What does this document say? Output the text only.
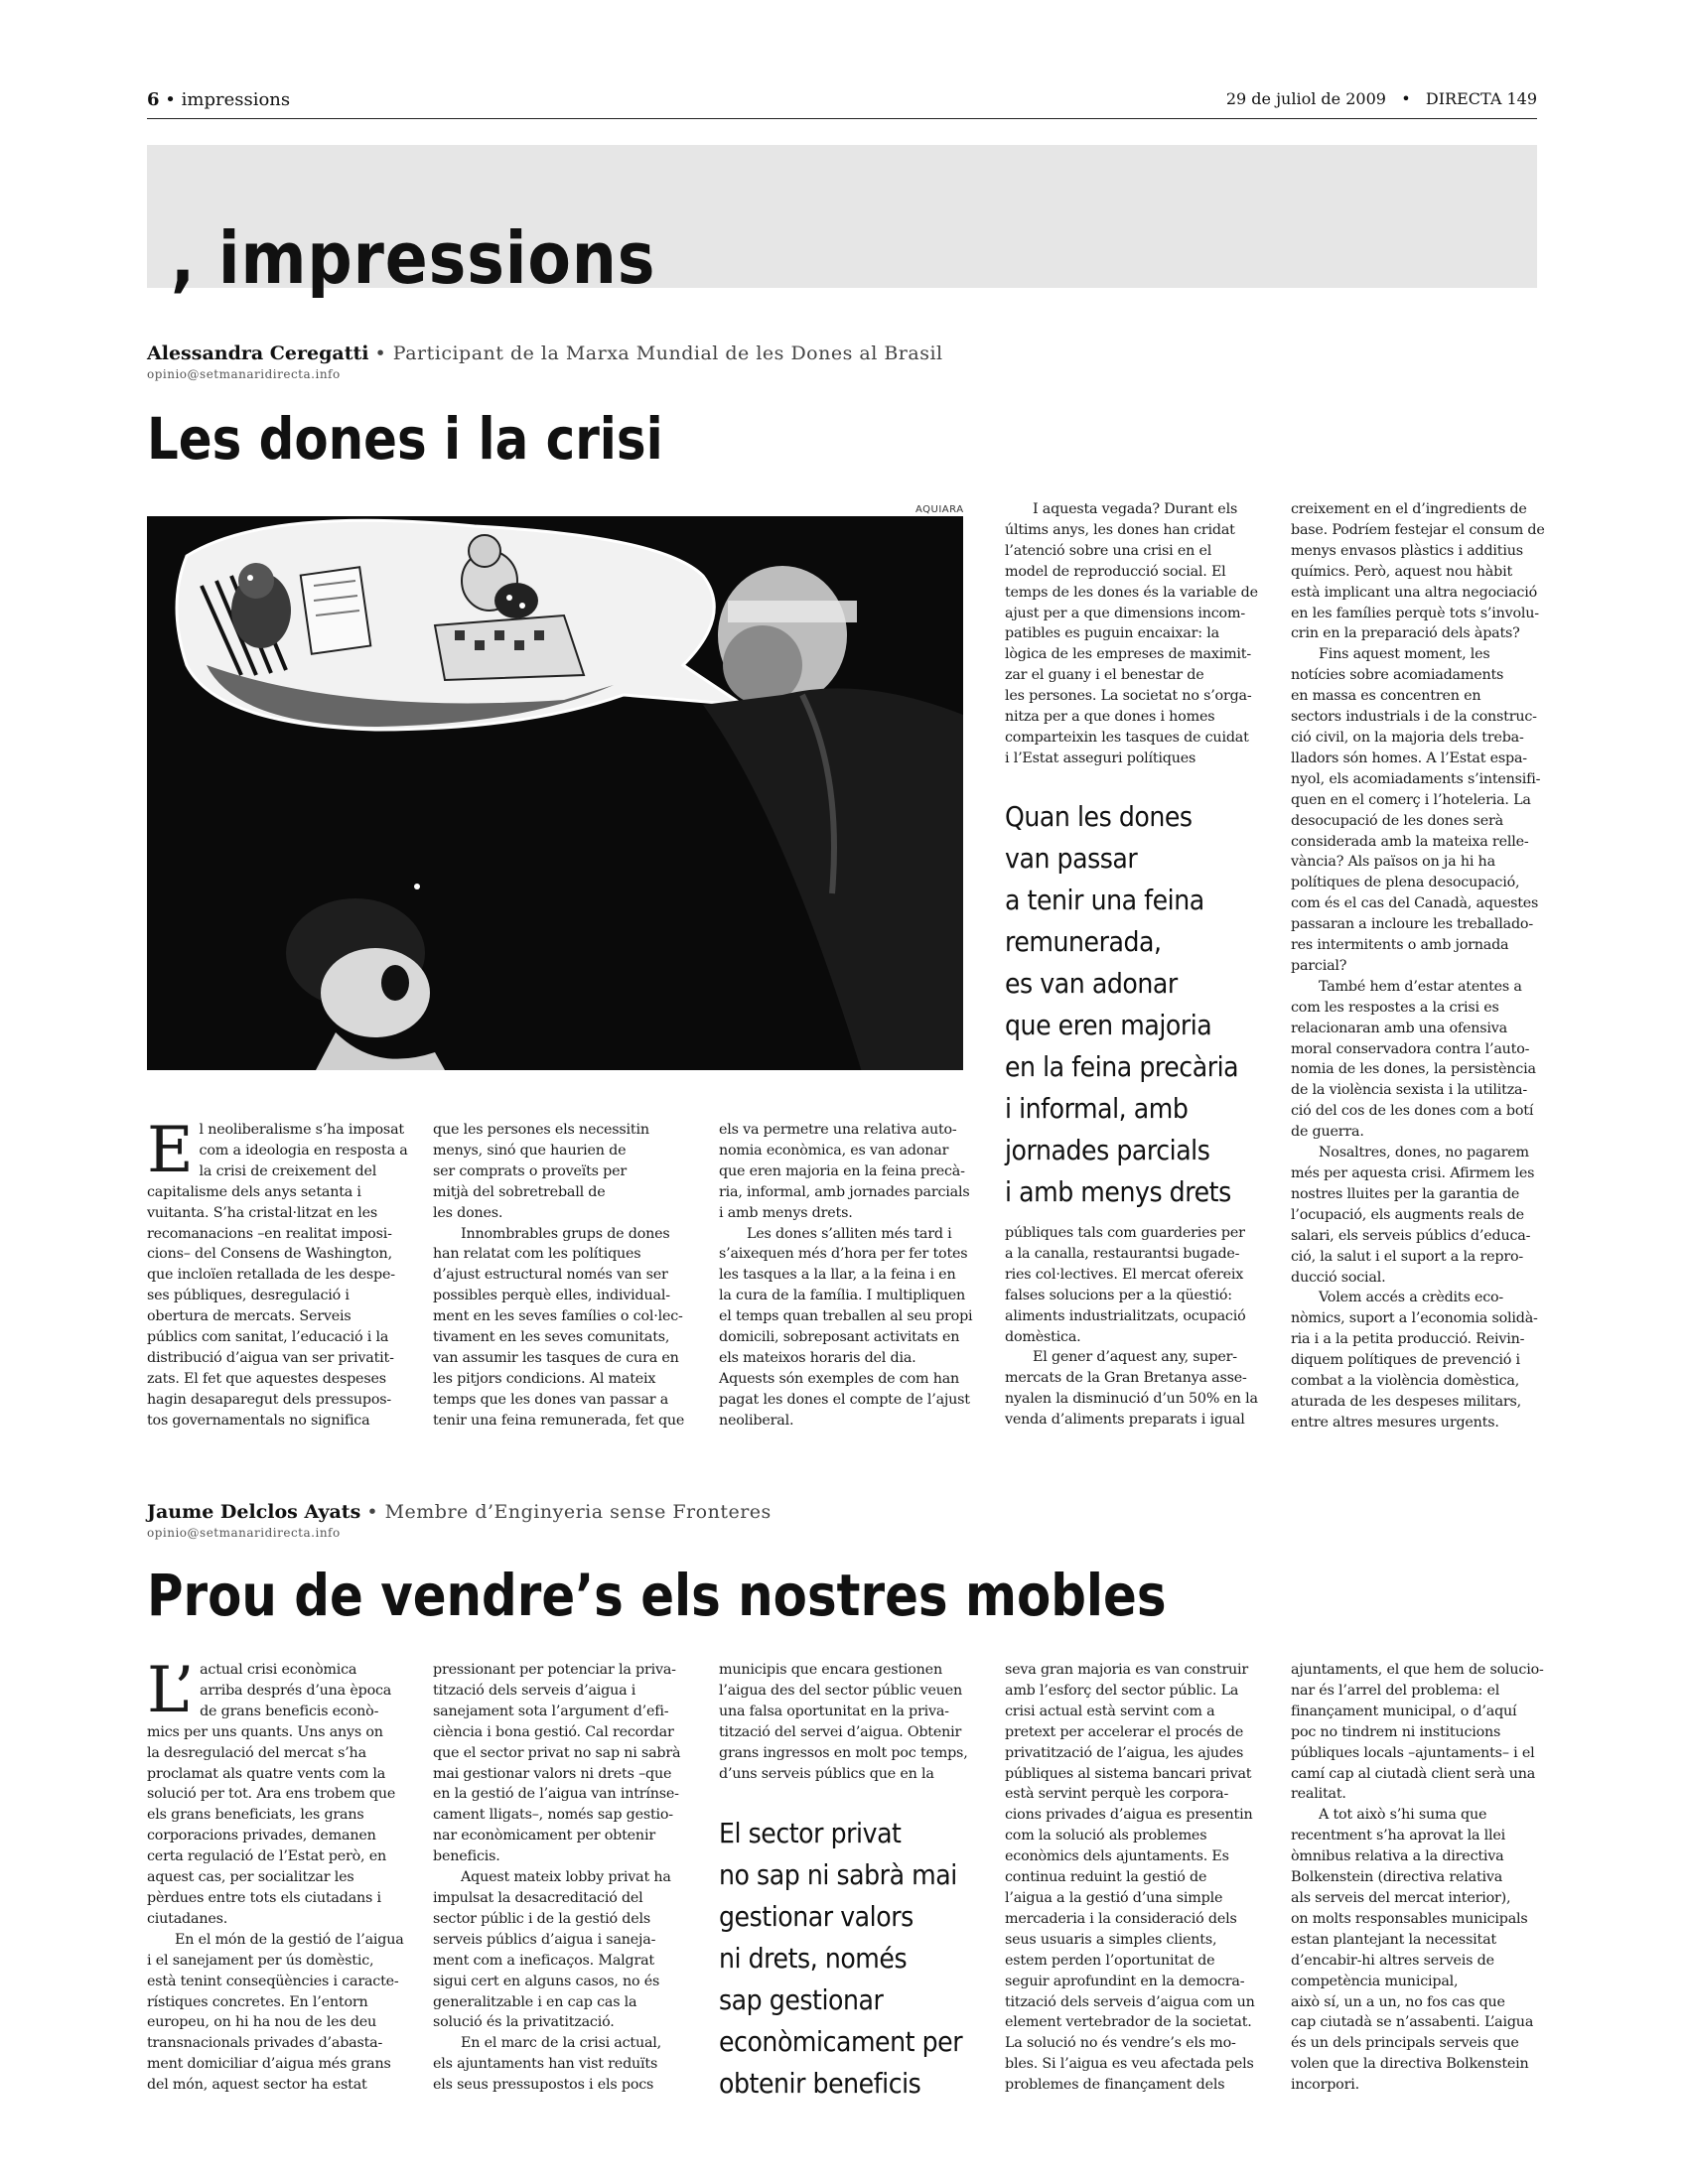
6 • impressions	29 de juliol de 2009 • DIRECTA 149
, impressions
Alessandra Ceregatti • Participant de la Marxa Mundial de les Dones al Brasil
opinio@setmanaridirecta.info
Les dones i la crisi
AQUIARA
E l neoliberalisme s’ha imposat
com a ideologia en resposta a
la crisi de creixement del
capitalisme dels anys setanta i
vuitanta. S’ha cristal·litzat en les
recomanacions –en realitat imposi-
cions– del Consens de Washington,
que incloïen retallada de les despe-
ses públiques, desregulació i
obertura de mercats. Serveis
públics com sanitat, l’educació i la
distribució d’aigua van ser privatit-
zats. El fet que aquestes despeses
hagin desaparegut dels pressupos-
tos governamentals no significa
que les persones els necessitin
menys, sinó que haurien de
ser comprats o proveïts per
mitjà del sobretreball de
les dones.
Innombrables grups de dones
han relatat com les polítiques
d’ajust estructural només van ser
possibles perquè elles, individual-
ment en les seves famílies o col·lec-
tivament en les seves comunitats,
van assumir les tasques de cura en
les pitjors condicions. Al mateix
temps que les dones van passar a
tenir una feina remunerada, fet que
els va permetre una relativa auto-
nomia econòmica, es van adonar
que eren majoria en la feina precà-
ria, informal, amb jornades parcials
i amb menys drets.
Les dones s’alliten més tard i
s’aixequen més d’hora per fer totes
les tasques a la llar, a la feina i en
la cura de la família. I multipliquen
el temps quan treballen al seu propi
domicili, sobreposant activitats en
els mateixos horaris del dia.
Aquests són exemples de com han
pagat les dones el compte de l’ajust
neoliberal.
I aquesta vegada? Durant els
últims anys, les dones han cridat
l’atenció sobre una crisi en el
model de reproducció social. El
temps de les dones és la variable de
ajust per a que dimensions incom-
patibles es puguin encaixar: la
lògica de les empreses de maximit-
zar el guany i el benestar de
les persones. La societat no s’orga-
nitza per a que dones i homes
comparteixin les tasques de cuidat
i l’Estat asseguri polítiques
Quan les dones
van passar
a tenir una feina
remunerada,
es van adonar
que eren majoria
en la feina precària
i informal, amb
jornades parcials
i amb menys drets
públiques tals com guarderies per
a la canalla, restaurantsi bugade-
ries col·lectives. El mercat ofereix
falses solucions per a la qüestió:
aliments industrialitzats, ocupació
domèstica.
El gener d’aquest any, super-
mercats de la Gran Bretanya asse-
nyalen la disminució d’un 50% en la
venda d’aliments preparats i igual
creixement en el d’ingredients de
base. Podríem festejar el consum de
menys envasos plàstics i additius
químics. Però, aquest nou hàbit
està implicant una altra negociació
en les famílies perquè tots s’involu-
crin en la preparació dels àpats?
Fins aquest moment, les
notícies sobre acomiadaments
en massa es concentren en
sectors industrials i de la construc-
ció civil, on la majoria dels treba-
lladors són homes. A l’Estat espa-
nyol, els acomiadaments s’intensifi-
quen en el comerç i l’hoteleria. La
desocupació de les dones serà
considerada amb la mateixa relle-
vància? Als països on ja hi ha
polítiques de plena desocupació,
com és el cas del Canadà, aquestes
passaran a incloure les treballado-
res intermitents o amb jornada
parcial?
També hem d’estar atentes a
com les respostes a la crisi es
relacionaran amb una ofensiva
moral conservadora contra l’auto-
nomia de les dones, la persistència
de la violència sexista i la utilitza-
ció del cos de les dones com a botí
de guerra.
Nosaltres, dones, no pagarem
més per aquesta crisi. Afirmem les
nostres lluites per la garantia de
l’ocupació, els augments reals de
salari, els serveis públics d’educa-
ció, la salut i el suport a la repro-
ducció social.
Volem accés a crèdits eco-
nòmics, suport a l’economia solidà-
ria i a la petita producció. Reivin-
diquem polítiques de prevenció i
combat a la violència domèstica,
aturada de les despeses militars,
entre altres mesures urgents.
Jaume Delclos Ayats • Membre d’Enginyeria sense Fronteres
opinio@setmanaridirecta.info
Prou de vendre’s els nostres mobles
L’ actual crisi econòmica
arriba després d’una època
de grans beneficis econò-
mics per uns quants. Uns anys on
la desregulació del mercat s’ha
proclamat als quatre vents com la
solució per tot. Ara ens trobem que
els grans beneficiats, les grans
corporacions privades, demanen
certa regulació de l’Estat però, en
aquest cas, per socialitzar les
pèrdues entre tots els ciutadans i
ciutadanes.
En el món de la gestió de l’aigua
i el sanejament per ús domèstic,
està tenint conseqüències i caracte-
rístiques concretes. En l’entorn
europeu, on hi ha nou de les deu
transnacionals privades d’abasta-
ment domiciliar d’aigua més grans
del món, aquest sector ha estat
pressionant per potenciar la priva-
tització dels serveis d’aigua i
sanejament sota l’argument d’efi-
ciència i bona gestió. Cal recordar
que el sector privat no sap ni sabrà
mai gestionar valors ni drets –que
en la gestió de l’aigua van intrínse-
cament lligats–, només sap gestio-
nar econòmicament per obtenir
beneficis.
Aquest mateix lobby privat ha
impulsat la desacreditació del
sector públic i de la gestió dels
serveis públics d’aigua i saneja-
ment com a ineficaços. Malgrat
sigui cert en alguns casos, no és
generalitzable i en cap cas la
solució és la privatització.
En el marc de la crisi actual,
els ajuntaments han vist reduïts
els seus pressupostos i els pocs
municipis que encara gestionen
l’aigua des del sector públic veuen
una falsa oportunitat en la priva-
tització del servei d’aigua. Obtenir
grans ingressos en molt poc temps,
d’uns serveis públics que en la
El sector privat
no sap ni sabrà mai
gestionar valors
ni drets, només
sap gestionar
econòmicament per
obtenir beneficis
seva gran majoria es van construir
amb l’esforç del sector públic. La
crisi actual està servint com a
pretext per accelerar el procés de
privatització de l’aigua, les ajudes
públiques al sistema bancari privat
està servint perquè les corpora-
cions privades d’aigua es presentin
com la solució als problemes
econòmics dels ajuntaments. Es
continua reduint la gestió de
l’aigua a la gestió d’una simple
mercaderia i la consideració dels
seus usuaris a simples clients,
estem perden l’oportunitat de
seguir aprofundint en la democra-
tització dels serveis d’aigua com un
element vertebrador de la societat.
La solució no és vendre’s els mo-
bles. Si l’aigua es veu afectada pels
problemes de finançament dels
ajuntaments, el que hem de solucio-
nar és l’arrel del problema: el
finançament municipal, o d’aquí
poc no tindrem ni institucions
públiques locals –ajuntaments– i el
camí cap al ciutadà client serà una
realitat.
A tot això s’hi suma que
recentment s’ha aprovat la llei
òmnibus relativa a la directiva
Bolkenstein (directiva relativa
als serveis del mercat interior),
on molts responsables municipals
estan plantejant la necessitat
d’encabir-hi altres serveis de
competència municipal,
això sí, un a un, no fos cas que
cap ciutadà se n’assabenti. L’aigua
és un dels principals serveis que
volen que la directiva Bolkenstein
incorpori.
